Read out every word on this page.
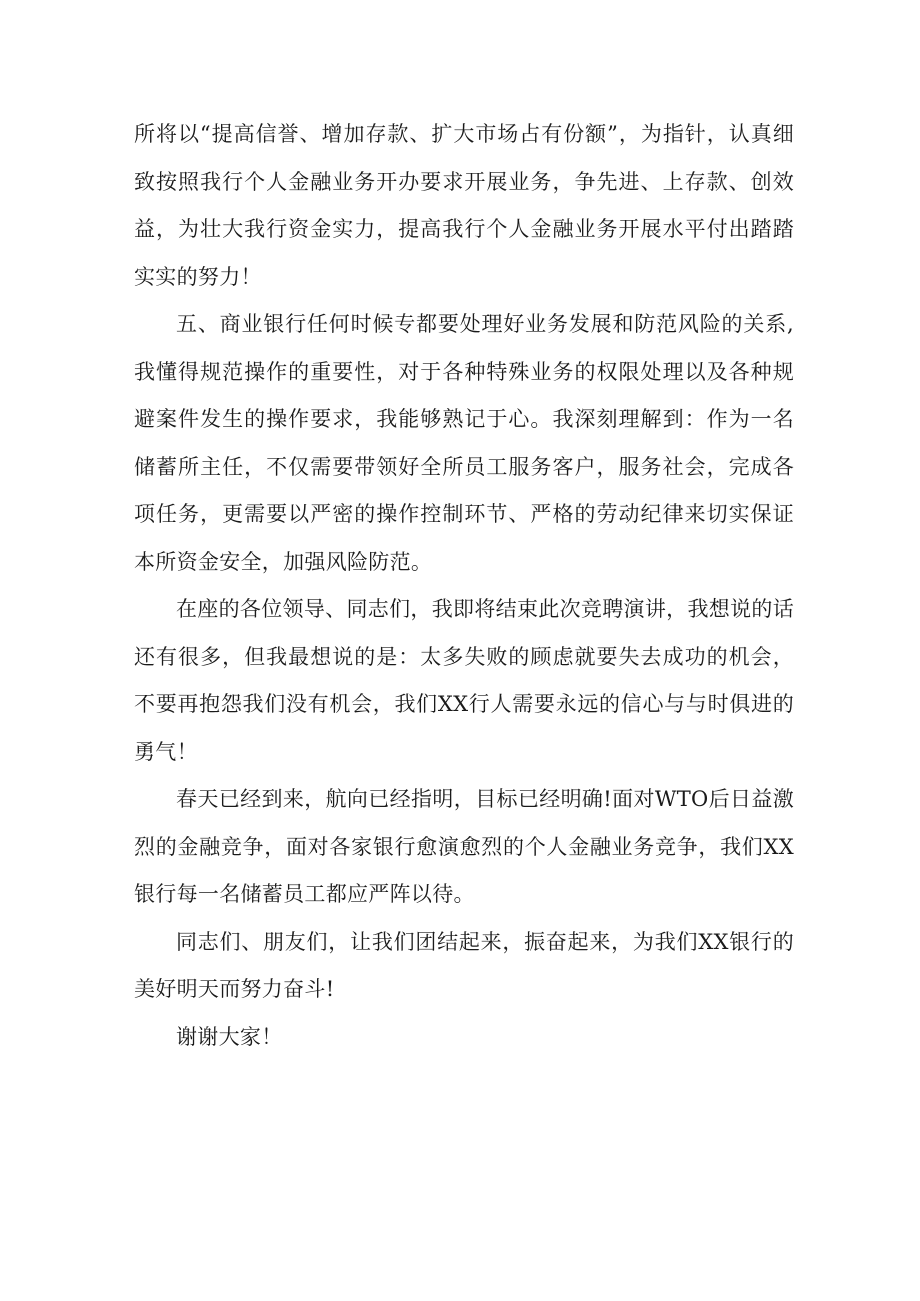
所将以“提高信誉、增加存款、扩大市场占有份额”，为指针，认真细致按照我行个人金融业务开办要求开展业务，争先进、上存款、创效益，为壮大我行资金实力，提高我行个人金融业务开展水平付出踏踏实实的努力！

五、商业银行任何时候专都要处理好业务发展和防范风险的关系,我懂得规范操作的重要性，对于各种特殊业务的权限处理以及各种规避案件发生的操作要求，我能够熟记于心。我深刻理解到：作为一名储蓄所主任，不仅需要带领好全所员工服务客户，服务社会，完成各项任务，更需要以严密的操作控制环节、严格的劳动纪律来切实保证本所资金安全，加强风险防范。

在座的各位领导、同志们，我即将结束此次竞聘演讲，我想说的话还有很多，但我最想说的是：太多失败的顾虑就要失去成功的机会，不要再抱怨我们没有机会，我们XX行人需要永远的信心与与时俱进的勇气！

春天已经到来，航向已经指明，目标已经明确!面对WTO后日益激烈的金融竞争，面对各家银行愈演愈烈的个人金融业务竞争，我们XX银行每一名储蓄员工都应严阵以待。

同志们、朋友们，让我们团结起来，振奋起来，为我们XX银行的美好明天而努力奋斗!

谢谢大家！
